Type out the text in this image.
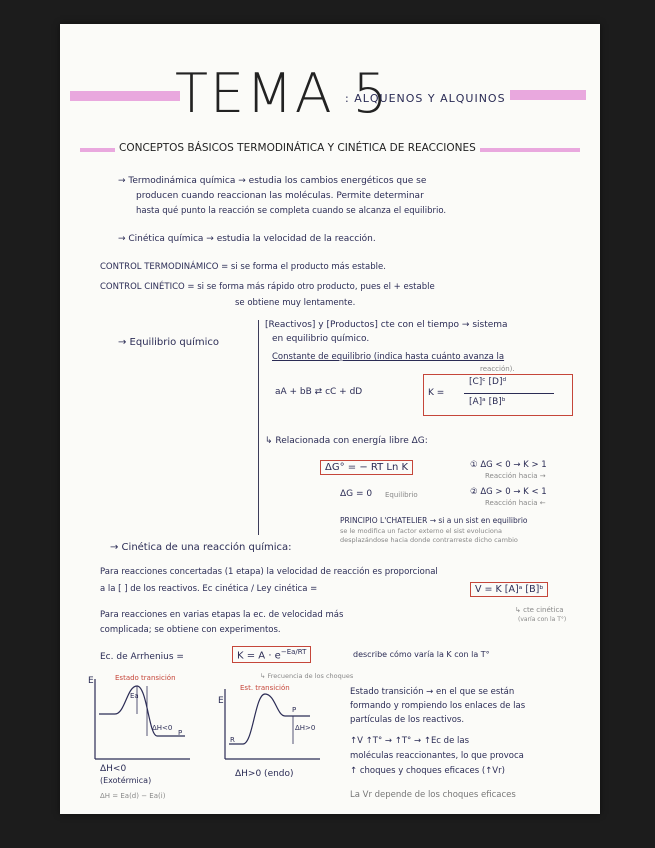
TEMA 5
: ALQUENOS Y ALQUINOS
CONCEPTOS BÁSICOS TERMODINÁTICA Y CINÉTICA DE REACCIONES
→ Termodinámica química → estudia los cambios energéticos que se
producen cuando reaccionan las moléculas. Permite determinar
hasta qué punto la reacción se completa cuando se alcanza el equilibrio.
→ Cinética química → estudia la velocidad de la reacción.
CONTROL TERMODINÁMICO = si se forma el producto más estable.
CONTROL CINÉTICO = si se forma más rápido otro producto, pues el + estable
se obtiene muy lentamente.
→ Equilibrio químico
[Reactivos] y [Productos] cte con el tiempo → sistema
en equilibrio químico.
Constante de equilibrio (indica hasta cuánto avanza la
reacción).
aA + bB ⇄ cC + dD	K =
[C]ᶜ [D]ᵈ
[A]ᵃ [B]ᵇ
↳ Relacionada con energía libre ΔG:
ΔG° = − RT Ln K
ΔG = 0 Equilibrio
① ΔG < 0 → K > 1
Reacción hacia →
② ΔG > 0 → K < 1
Reacción hacia ←
PRINCIPIO L'CHATELIER → si a un sist en equilibrio
se le modifica un factor externo el sist evoluciona
desplazándose hacia donde contrarreste dicho cambio
→ Cinética de una reacción química:
Para reacciones concertadas (1 etapa) la velocidad de reacción es proporcional
a la [ ] de los reactivos. Ec cinética / Ley cinética =	V = K [A]ᵃ [B]ᵇ
↳ cte cinética
(varía con la T°)
Para reacciones en varias etapas la ec. de velocidad más
complicada; se obtiene con experimentos.
Ec. de Arrhenius =	$K = A \cdot e^{-Ea/RT}$	describe cómo varía la K con la T°
↳ Frecuencia de los choques
Estado transición
E
Ea
ΔH<0
P
ΔH<0
(Exotérmica)
ΔH = Ea(d) − Ea(i)
Est. transición
E
R
P
ΔH>0
ΔH>0 (endo)
Estado transición → en el que se están
formando y rompiendo los enlaces de las
partículas de los reactivos.
↑V ↑T° → ↑T° → ↑Ec de las
moléculas reaccionantes, lo que provoca
↑ choques y choques eficaces (↑Vr)
La Vr depende de los choques eficaces
